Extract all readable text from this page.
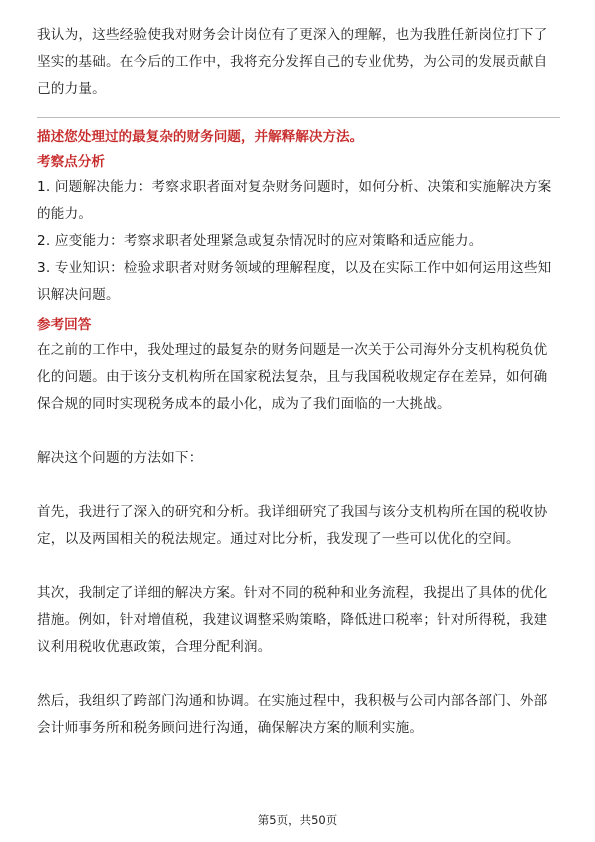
我认为，这些经验使我对财务会计岗位有了更深入的理解，也为我胜任新岗位打下了坚实的基础。在今后的工作中，我将充分发挥自己的专业优势，为公司的发展贡献自己的力量。

描述您处理过的最复杂的财务问题，并解释解决方法。

考察点分析

1. 问题解决能力：考察求职者面对复杂财务问题时，如何分析、决策和实施解决方案的能力。

2. 应变能力：考察求职者处理紧急或复杂情况时的应对策略和适应能力。

3. 专业知识：检验求职者对财务领域的理解程度，以及在实际工作中如何运用这些知识解决问题。

参考回答

在之前的工作中，我处理过的最复杂的财务问题是一次关于公司海外分支机构税负优化的问题。由于该分支机构所在国家税法复杂，且与我国税收规定存在差异，如何确保合规的同时实现税务成本的最小化，成为了我们面临的一大挑战。

解决这个问题的方法如下：

首先，我进行了深入的研究和分析。我详细研究了我国与该分支机构所在国的税收协定，以及两国相关的税法规定。通过对比分析，我发现了一些可以优化的空间。

其次，我制定了详细的解决方案。针对不同的税种和业务流程，我提出了具体的优化措施。例如，针对增值税，我建议调整采购策略，降低进口税率；针对所得税，我建议利用税收优惠政策，合理分配利润。

然后，我组织了跨部门沟通和协调。在实施过程中，我积极与公司内部各部门、外部会计师事务所和税务顾问进行沟通，确保解决方案的顺利实施。

第5页，共50页
